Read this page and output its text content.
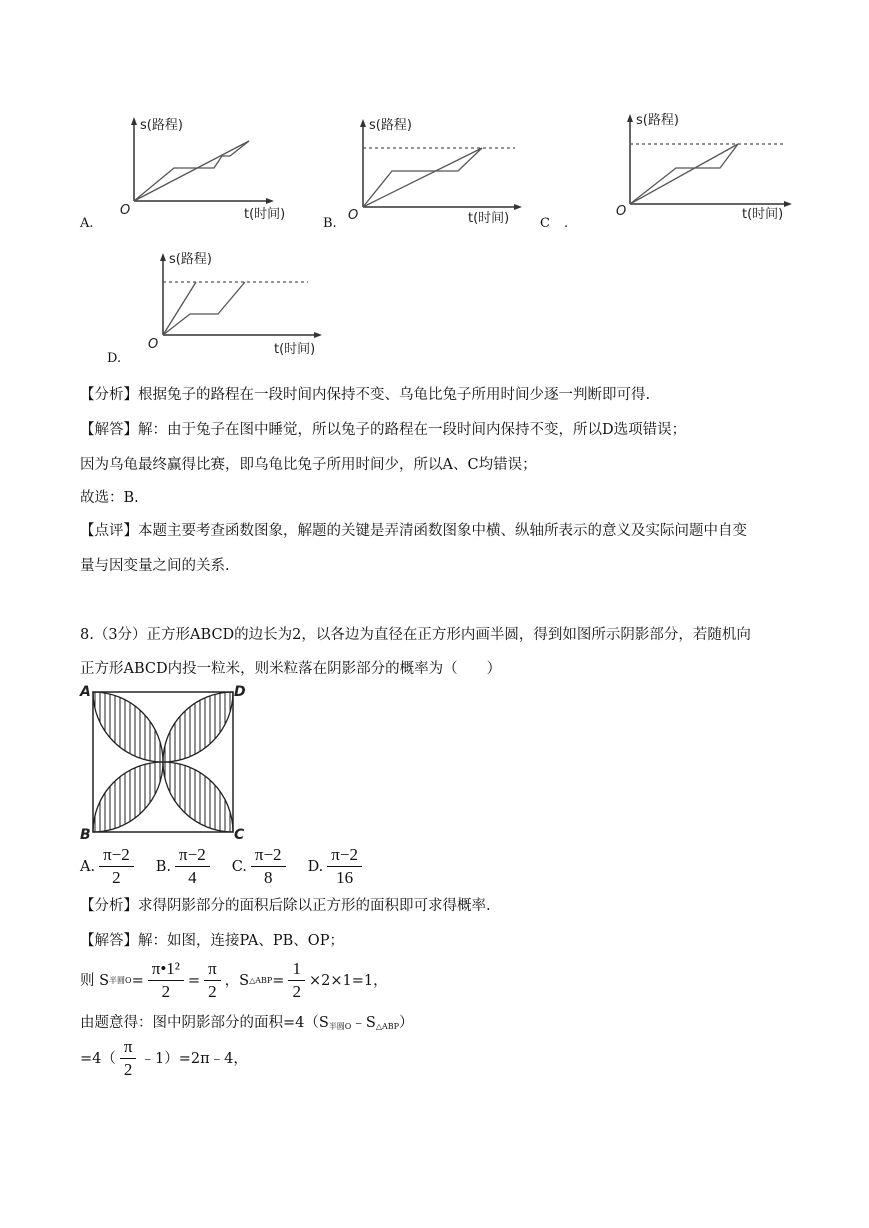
s(路程)
t(时间)
O
A.
s(路程)
t(时间)
O
B.
s(路程)
t(时间)
O
C .
s(路程)
t(时间)
O
D.
【分析】根据兔子的路程在一段时间内保持不变、乌龟比兔子所用时间少逐一判断即可得.
【解答】解：由于兔子在图中睡觉，所以兔子的路程在一段时间内保持不变，所以D选项错误；
因为乌龟最终赢得比赛，即乌龟比兔子所用时间少，所以A、C均错误；
故选：B.
【点评】本题主要考查函数图象，解题的关键是弄清函数图象中横、纵轴所表示的意义及实际问题中自变
量与因变量之间的关系.
8.（3分）正方形ABCD的边长为2，以各边为直径在正方形内画半圆，得到如图所示阴影部分，若随机向
正方形ABCD内投一粒米，则米粒落在阴影部分的概率为（　　）
A	D
B	C
A. $\frac{\pi-2}{2} B$. $\frac{\pi-2}{4} C$. $\frac{\pi-2}{8} D$. $\frac{\pi-2}{16}$
【分析】求得阴影部分的面积后除以正方形的面积即可求得概率.
【解答】解：如图，连接PA、PB、OP；
则 S 半圆$O = \frac{\text{π•1²}}{2} = \frac{\pi}{2}$ ，S △ABP = $\frac{1}{2} \times 2\times 1=1$，
由题意得：图中阴影部分的面积$=4(S_{半圆O}﹣S_{\triangle ABP})$
$=4( \frac{\pi}{2}$ ﹣1）=2π﹣4，
